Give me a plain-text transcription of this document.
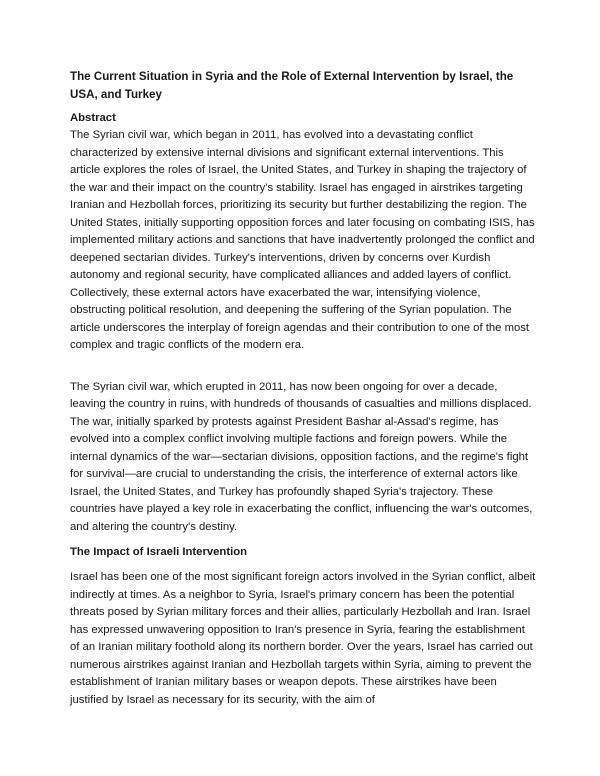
The Current Situation in Syria and the Role of External Intervention by Israel, the USA, and Turkey

Abstract

The Syrian civil war, which began in 2011, has evolved into a devastating conflict characterized by extensive internal divisions and significant external interventions. This article explores the roles of Israel, the United States, and Turkey in shaping the trajectory of the war and their impact on the country's stability. Israel has engaged in airstrikes targeting Iranian and Hezbollah forces, prioritizing its security but further destabilizing the region. The United States, initially supporting opposition forces and later focusing on combating ISIS, has implemented military actions and sanctions that have inadvertently prolonged the conflict and deepened sectarian divides. Turkey's interventions, driven by concerns over Kurdish autonomy and regional security, have complicated alliances and added layers of conflict. Collectively, these external actors have exacerbated the war, intensifying violence, obstructing political resolution, and deepening the suffering of the Syrian population. The article underscores the interplay of foreign agendas and their contribution to one of the most complex and tragic conflicts of the modern era.

The Syrian civil war, which erupted in 2011, has now been ongoing for over a decade, leaving the country in ruins, with hundreds of thousands of casualties and millions displaced. The war, initially sparked by protests against President Bashar al-Assad's regime, has evolved into a complex conflict involving multiple factions and foreign powers. While the internal dynamics of the war—sectarian divisions, opposition factions, and the regime's fight for survival—are crucial to understanding the crisis, the interference of external actors like Israel, the United States, and Turkey has profoundly shaped Syria's trajectory. These countries have played a key role in exacerbating the conflict, influencing the war's outcomes, and altering the country's destiny.

The Impact of Israeli Intervention

Israel has been one of the most significant foreign actors involved in the Syrian conflict, albeit indirectly at times. As a neighbor to Syria, Israel's primary concern has been the potential threats posed by Syrian military forces and their allies, particularly Hezbollah and Iran. Israel has expressed unwavering opposition to Iran's presence in Syria, fearing the establishment of an Iranian military foothold along its northern border. Over the years, Israel has carried out numerous airstrikes against Iranian and Hezbollah targets within Syria, aiming to prevent the establishment of Iranian military bases or weapon depots. These airstrikes have been justified by Israel as necessary for its security, with the aim of
